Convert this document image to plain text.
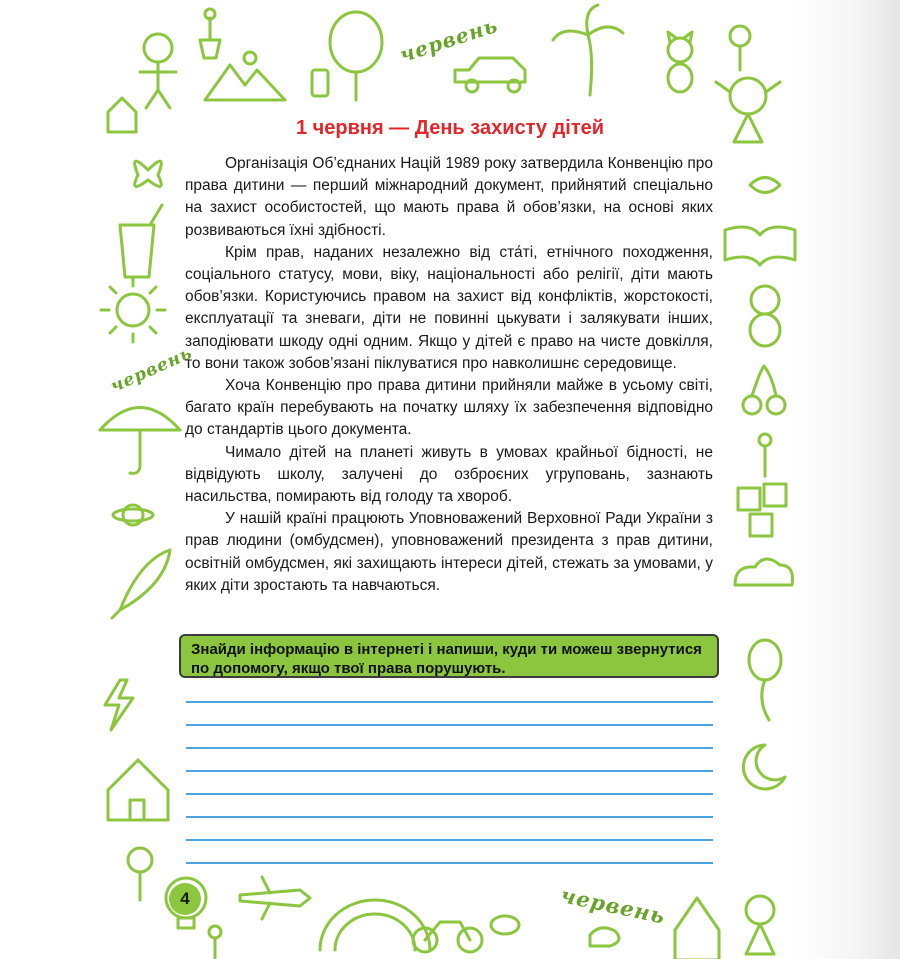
червень
червень
червень
1 червня — День захисту дітей

Організація Об’єднаних Націй 1989 року затвердила Конвенцію про права дитини — перший міжнародний документ, прийнятий спеціально на захист особистостей, що мають права й обов’язки, на основі яких розвиваються їхні здібності.

Крім прав, наданих незалежно від ста́ті, етнічного походження, соціального статусу, мови, віку, національності або релігії, діти мають обов’язки. Користуючись правом на захист від конфліктів, жорстокості, експлуатації та зневаги, діти не повинні цькувати і залякувати інших, заподіювати шкоду одні одним. Якщо у дітей є право на чисте довкілля, то вони також зобов’язані піклуватися про навколишнє середовище.

Хоча Конвенцію про права дитини прийняли майже в усьому світі, багато країн перебувають на початку шляху їх забезпечення відповідно до стандартів цього документа.

Чимало дітей на планеті живуть в умовах крайньої бідності, не відвідують школу, залучені до озброєних угруповань, зазнають насильства, помирають від голоду та хвороб.

У нашій країні працюють Уповноважений Верховної Ради України з прав людини (омбудсмен), уповноважений президента з прав дитини, освітній омбудсмен, які захищають інтереси дітей, стежать за умовами, у яких діти зростають та навчаються.

Знайди інформацію в інтернеті і напиши, куди ти можеш звернутися по допомогу, якщо твої права порушують.
4
